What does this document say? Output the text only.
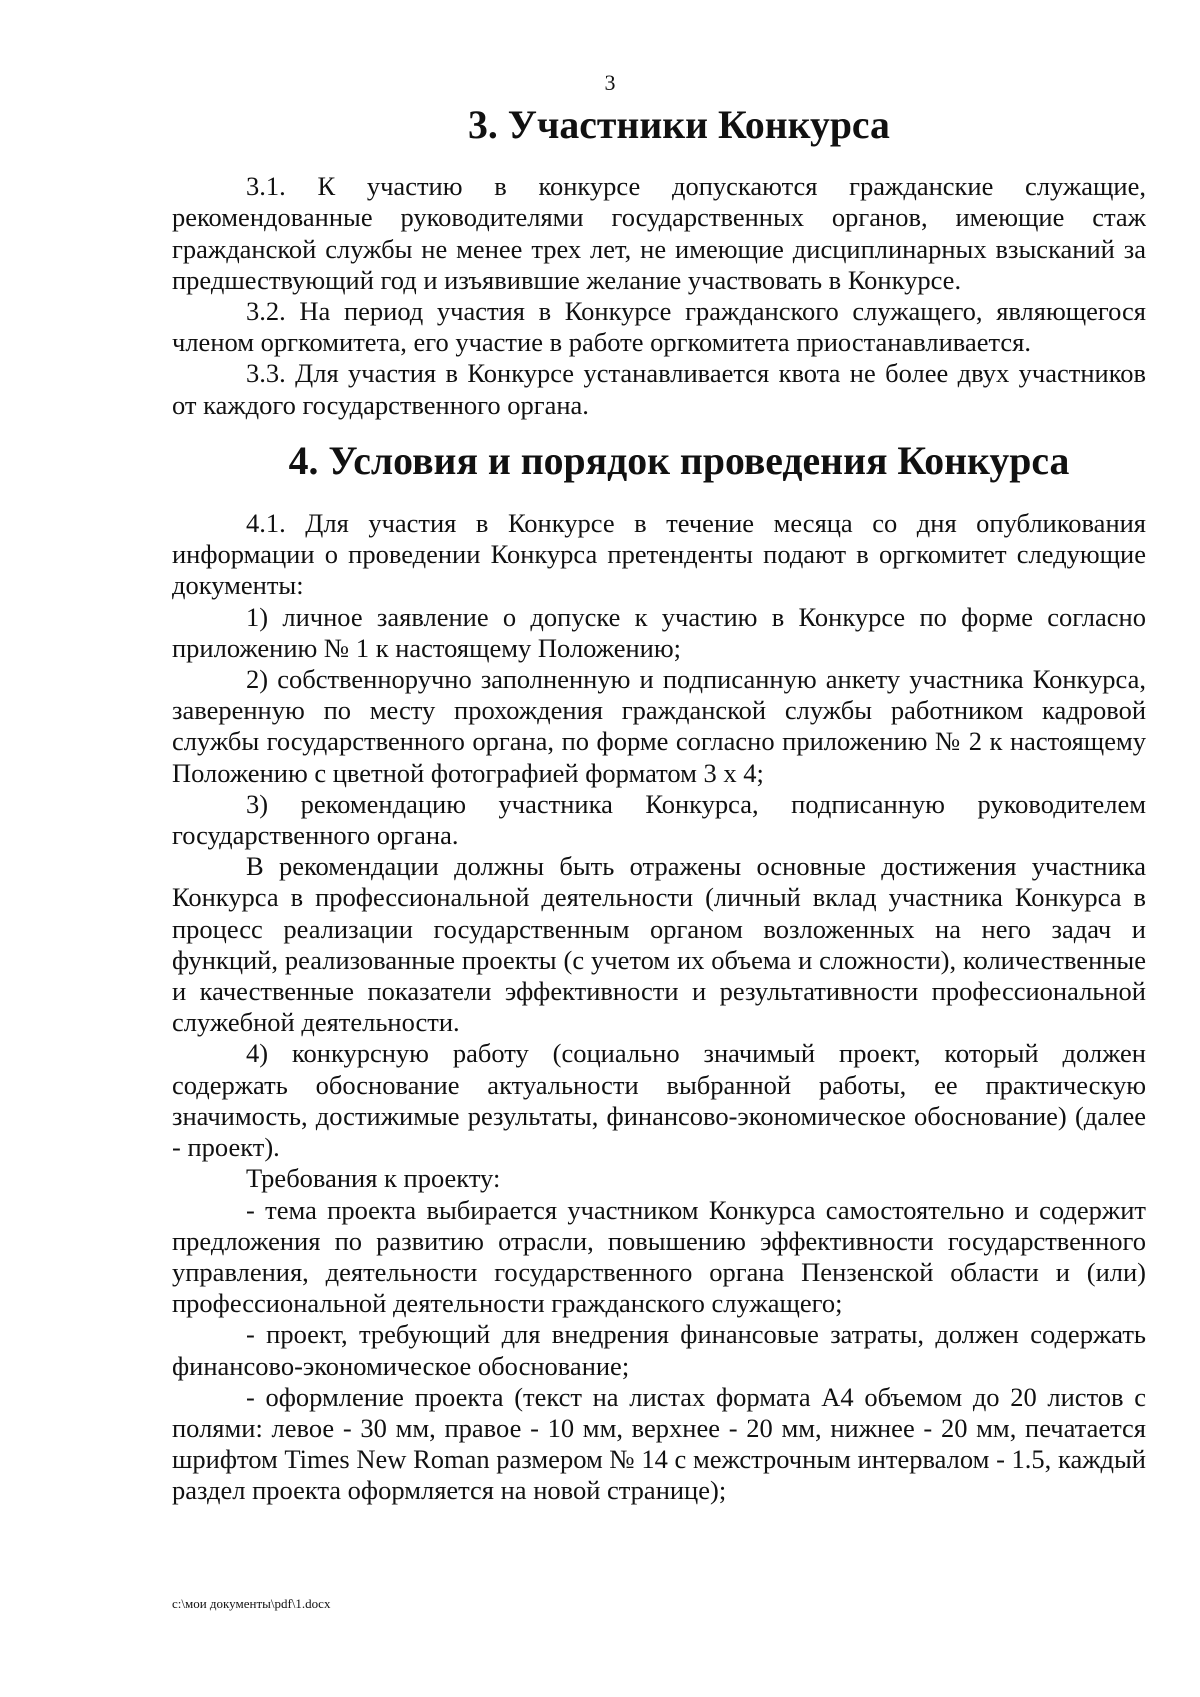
3
3. Участники Конкурса

3.1. К участию в конкурсе допускаются гражданские служащие, рекомендованные руководителями государственных органов, имеющие стаж гражданской службы не менее трех лет, не имеющие дисциплинарных взысканий за предшествующий год и изъявившие желание участвовать в Конкурсе.

3.2. На период участия в Конкурсе гражданского служащего, являющегося членом оргкомитета, его участие в работе оргкомитета приостанавливается.

3.3. Для участия в Конкурсе устанавливается квота не более двух участников от каждого государственного органа.

4. Условия и порядок проведения Конкурса

4.1. Для участия в Конкурсе в течение месяца со дня опубликования информации о проведении Конкурса претенденты подают в оргкомитет следующие документы:

1) личное заявление о допуске к участию в Конкурсе по форме согласно приложению № 1 к настоящему Положению;

2) собственноручно заполненную и подписанную анкету участника Конкурса, заверенную по месту прохождения гражданской службы работником кадровой службы государственного органа, по форме согласно приложению № 2 к настоящему Положению с цветной фотографией форматом 3 х 4;

3) рекомендацию участника Конкурса, подписанную руководителем государственного органа.

В рекомендации должны быть отражены основные достижения участника Конкурса в профессиональной деятельности (личный вклад участника Конкурса в процесс реализации государственным органом возложенных на него задач и функций, реализованные проекты (с учетом их объема и сложности), количественные и качественные показатели эффективности и результативности профессиональной служебной деятельности.

4) конкурсную работу (социально значимый проект, который должен содержать обоснование актуальности выбранной работы, ее практическую значимость, достижимые результаты, финансово-экономическое обоснование) (далее - проект).

Требования к проекту:

- тема проекта выбирается участником Конкурса самостоятельно и содержит предложения по развитию отрасли, повышению эффективности государственного управления, деятельности государственного органа Пензенской области и (или) профессиональной деятельности гражданского служащего;

- проект, требующий для внедрения финансовые затраты, должен содержать финансово-экономическое обоснование;

- оформление проекта (текст на листах формата А4 объемом до 20 листов с полями: левое - 30 мм, правое - 10 мм, верхнее - 20 мм, нижнее - 20 мм, печатается шрифтом Times New Roman размером № 14 с межстрочным интервалом - 1.5, каждый раздел проекта оформляется на новой странице);

c:\мои документы\pdf\1.docx
